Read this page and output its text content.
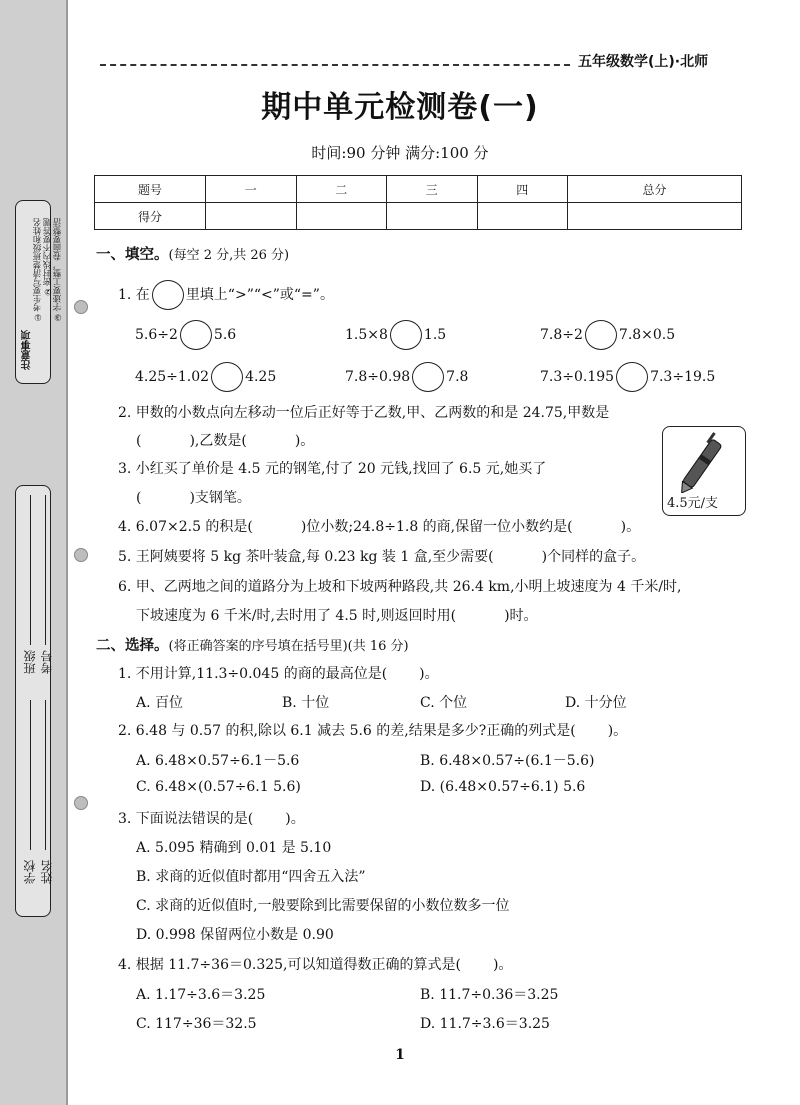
注意事项
①考生要写清楚班级和姓名 ②密封线内不要答题 ③字迹要工整，卷面要整洁
班级 考号
学校 姓名
五年级数学(上)·北师
期中单元检测卷(一)
时间:90 分钟 满分:100 分
题号	一	二	三	四	总分
得分					
一、填空。(每空 2 分,共 26 分)
1. 在	里填上“>”“<”或“=”。
5.6÷2	5.6	1.5×8	1.5	7.8÷2	7.8×0.5
4.25÷1.02	4.25	7.8÷0.98	7.8	7.3÷0.195	7.3÷19.5
2. 甲数的小数点向左移动一位后正好等于乙数,甲、乙两数的和是 24.75,甲数是
(	),乙数是(	)。
3. 小红买了单价是 4.5 元的钢笔,付了 20 元钱,找回了 6.5 元,她买了
(	)支钢笔。	4.5元/支
4. 6.07×2.5 的积是(	)位小数;24.8÷1.8 的商,保留一位小数约是(	)。
5. 王阿姨要将 5 kg 茶叶装盒,每 0.23 kg 装 1 盒,至少需要(	)个同样的盒子。
6. 甲、乙两地之间的道路分为上坡和下坡两种路段,共 26.4 km,小明上坡速度为 4 千米/时,
下坡速度为 6 千米/时,去时用了 4.5 时,则返回时用(	)时。
二、选择。(将正确答案的序号填在括号里)(共 16 分)
1. 不用计算,11.3÷0.045 的商的最高位是( )。
A. 百位	B. 十位	C. 个位	D. 十分位
2. 6.48 与 0.57 的积,除以 6.1 减去 5.6 的差,结果是多少?正确的列式是( )。
A. 6.48×0.57÷6.1－5.6	B. 6.48×0.57÷(6.1－5.6)
C. 6.48×(0.57÷6.1 5.6)	D. (6.48×0.57÷6.1) 5.6
3. 下面说法错误的是( )。
A. 5.095 精确到 0.01 是 5.10
B. 求商的近似值时都用“四舍五入法”
C. 求商的近似值时,一般要除到比需要保留的小数位数多一位
D. 0.998 保留两位小数是 0.90
4. 根据 11.7÷36＝0.325,可以知道得数正确的算式是( )。
A. 1.17÷3.6＝3.25	B. 11.7÷0.36＝3.25
C. 117÷36＝32.5	D. 11.7÷3.6＝3.25
1
